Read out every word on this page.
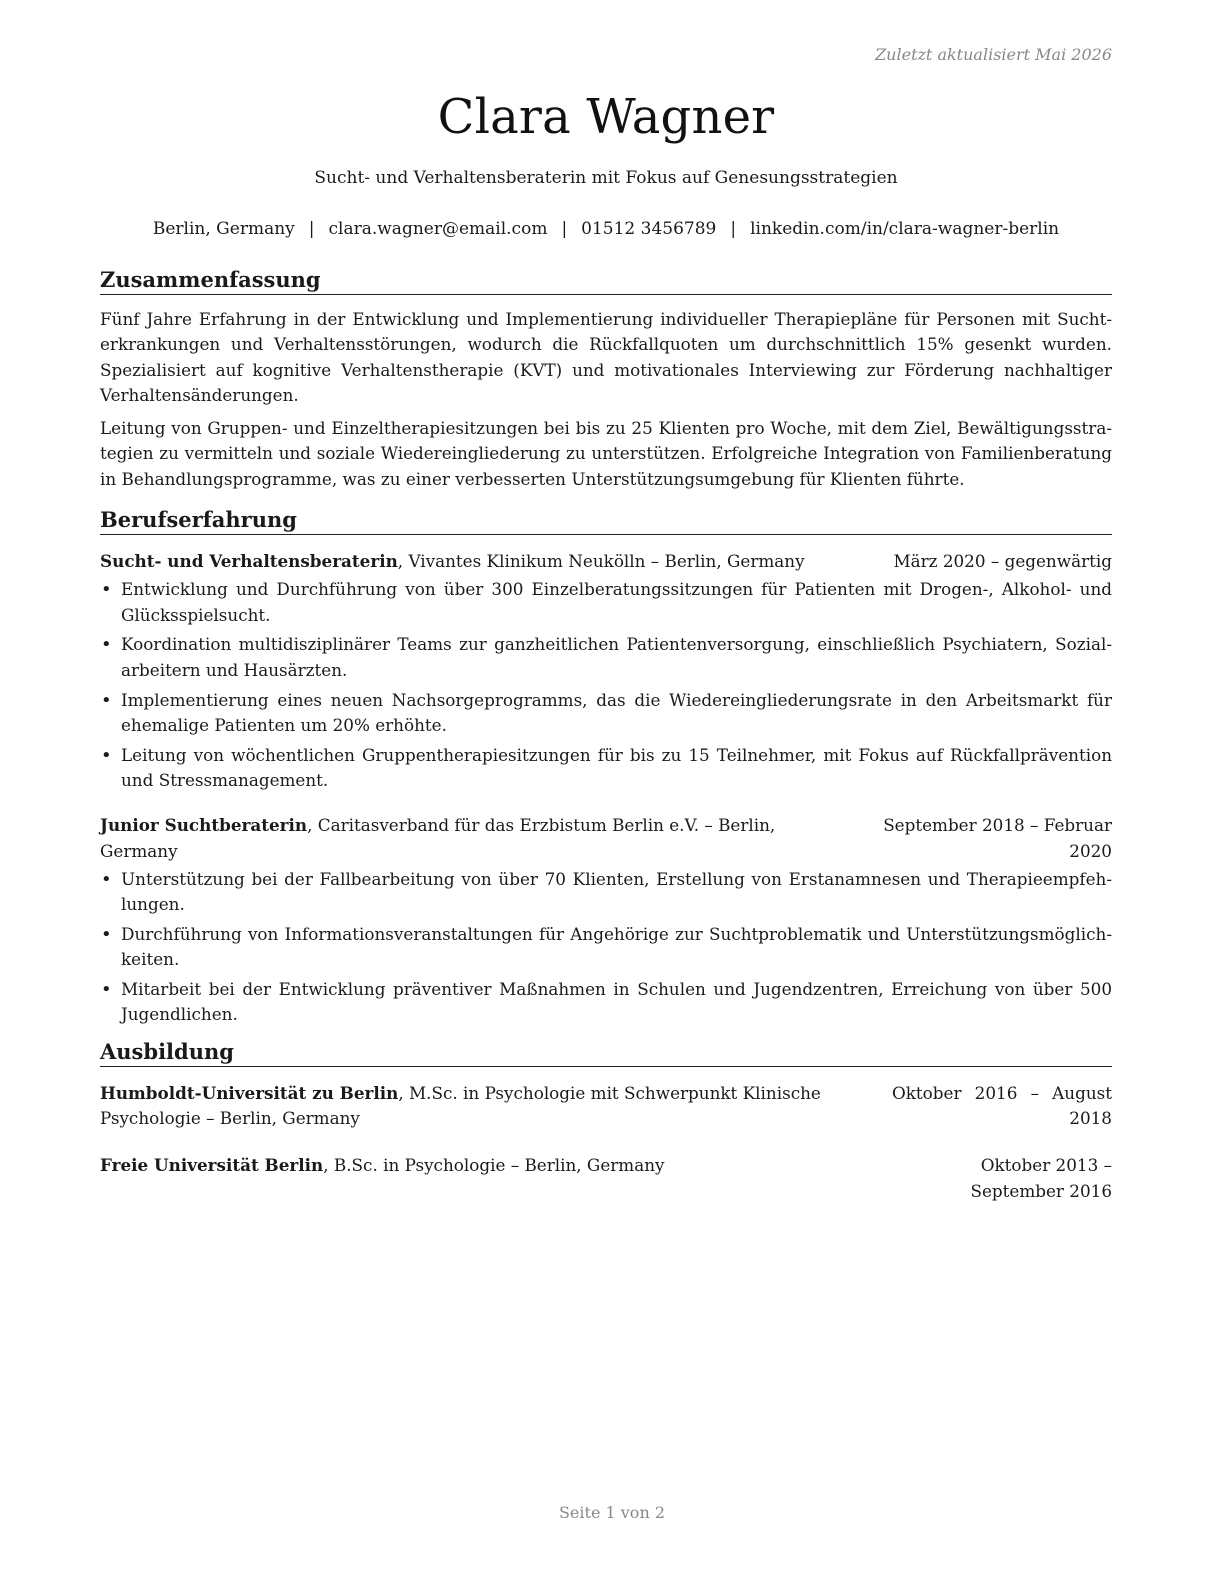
Zuletzt aktualisiert Mai 2026
Clara Wagner
Sucht- und Verhaltensberaterin mit Fokus auf Genesungsstrategien
Berlin, Germany | clara.wagner@email.com | 01512 3456789 | linkedin.com/in/clara-wagner-berlin
Zusammenfassung

Fünf Jahre Erfahrung in der Entwicklung und Implementierung individueller Therapiepläne für Personen mit Suchterkrankungen und Verhaltensstörungen, wodurch die Rückfallquoten um durchschnittlich 15% gesenkt wurden. Spezialisiert auf kognitive Verhaltenstherapie (KVT) und motivationales Interviewing zur Förderung nachhaltiger Verhaltensänderungen.

Leitung von Gruppen- und Einzeltherapiesitzungen bei bis zu 25 Klienten pro Woche, mit dem Ziel, Bewältigungsstrategien zu vermitteln und soziale Wiedereingliederung zu unterstützen. Erfolgreiche Integration von Familienberatung in Behandlungsprogramme, was zu einer verbesserten Unterstützungsumgebung für Klienten führte.

Berufserfahrung
Sucht- und Verhaltensberaterin, Vivantes Klinikum Neukölln – Berlin, Germany	März 2020 – gegenwärtig
• Entwicklung und Durchführung von über 300 Einzelberatungssitzungen für Patienten mit Drogen-, Alkohol- und Glücksspielsucht.
• Koordination multidisziplinärer Teams zur ganzheitlichen Patientenversorgung, einschließlich Psychiatern, Sozialarbeitern und Hausärzten.
• Implementierung eines neuen Nachsorgeprogramms, das die Wiedereingliederungsrate in den Arbeitsmarkt für ehemalige Patienten um 20% erhöhte.
• Leitung von wöchentlichen Gruppentherapiesitzungen für bis zu 15 Teilnehmer, mit Fokus auf Rückfallprävention und Stressmanagement.
Junior Suchtberaterin, Caritasverband für das Erzbistum Berlin e.V. – Berlin, Germany
September 2018 – Februar 2020
• Unterstützung bei der Fallbearbeitung von über 70 Klienten, Erstellung von Erstanamnesen und Therapieempfehlungen.
• Durchführung von Informationsveranstaltungen für Angehörige zur Suchtproblematik und Unterstützungsmöglichkeiten.
• Mitarbeit bei der Entwicklung präventiver Maßnahmen in Schulen und Jugendzentren, Erreichung von über 500 Jugendlichen.
Ausbildung
Humboldt-Universität zu Berlin, M.Sc. in Psychologie mit Schwerpunkt Klinische Psychologie – Berlin, Germany
Oktober 2016 – August 2018
Freie Universität Berlin, B.Sc. in Psychologie – Berlin, Germany	Oktober 2013 – September 2016
Seite 1 von 2
